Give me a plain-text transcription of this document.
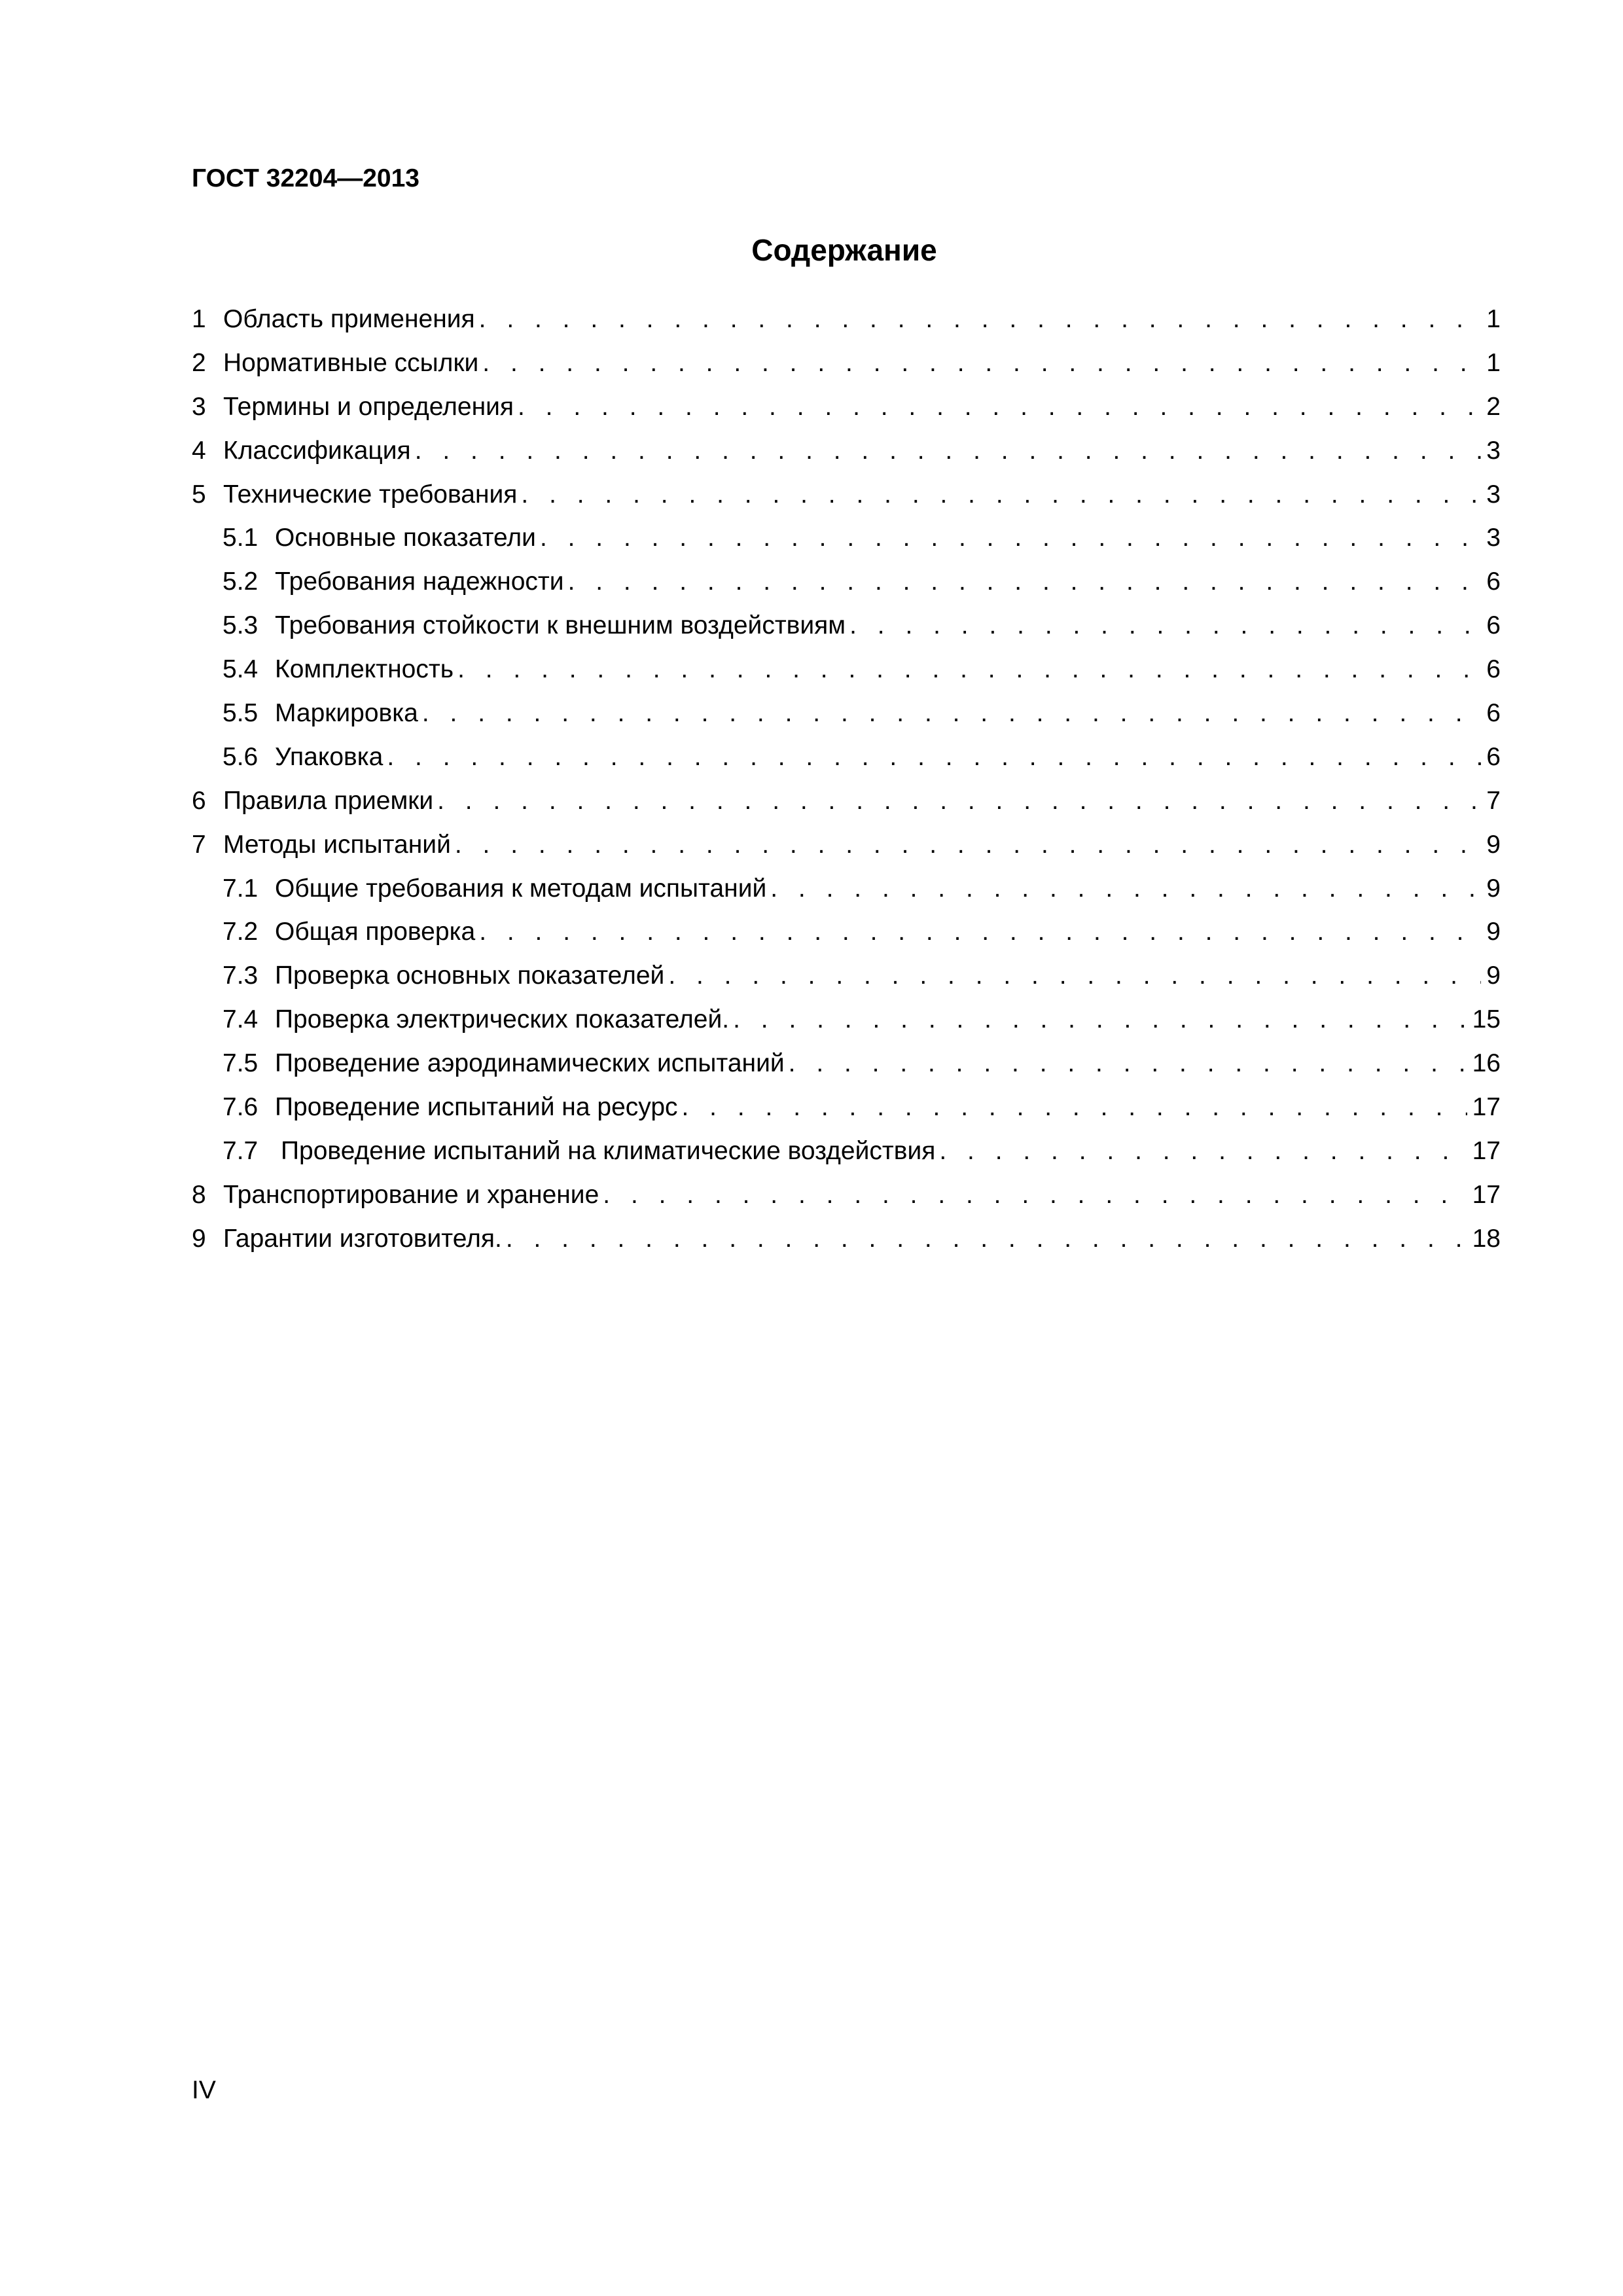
ГОСТ 32204—2013
Содержание
1 Область применения . . .	1
2 Нормативные ссылки . . .	1
3 Термины и определения . . .	2
4 Классификация . . .	3
5 Технические требования . . .	3
5.1 Основные показатели . . .	3
5.2 Требования надежности . . .	6
5.3 Требования стойкости к внешним воздействиям . . .	6
5.4 Комплектность . . .	6
5.5 Маркировка . . .	6
5.6 Упаковка . . .	6
6 Правила приемки . . .	7
7 Методы испытаний . . .	9
7.1 Общие требования к методам испытаний . . .	9
7.2 Общая проверка . . .	9
7.3 Проверка основных показателей . . .	9
7.4 Проверка электрических показателей. . . .	15
7.5 Проведение аэродинамических испытаний . . .	16
7.6 Проведение испытаний на ресурс . . .	17
7.7 Проведение испытаний на климатические воздействия . . .	17
8 Транспортирование и хранение . . .	17
9 Гарантии изготовителя. . . .	18
IV
